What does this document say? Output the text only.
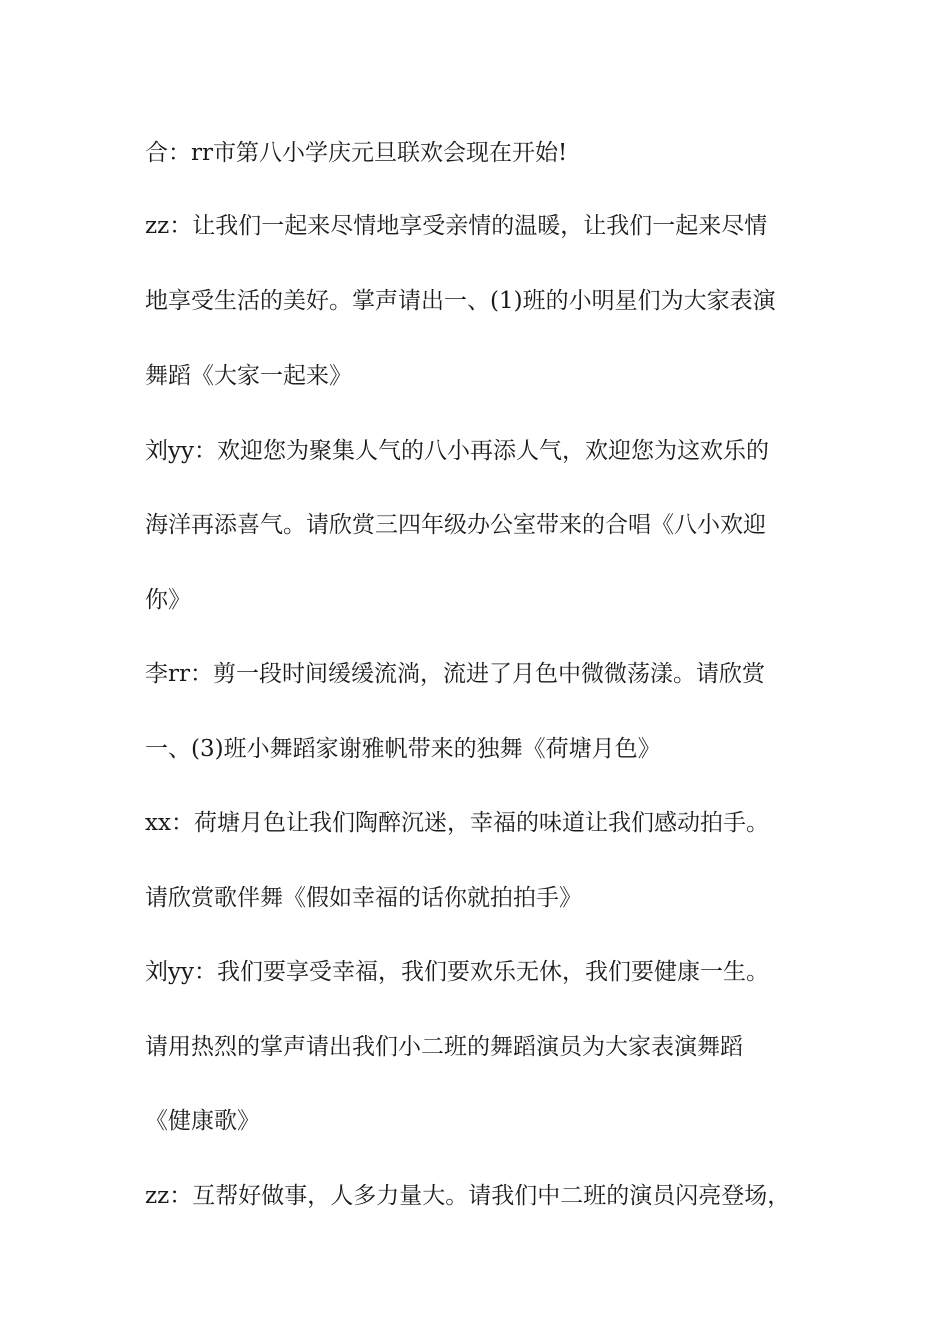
合：rr市第八小学庆元旦联欢会现在开始!
zz：让我们一起来尽情地享受亲情的温暖，让我们一起来尽情
地享受生活的美好。掌声请出一、(1)班的小明星们为大家表演
舞蹈《大家一起来》
刘yy：欢迎您为聚集人气的八小再添人气，欢迎您为这欢乐的
海洋再添喜气。请欣赏三四年级办公室带来的合唱《八小欢迎
你》
李rr：剪一段时间缓缓流淌，流进了月色中微微荡漾。请欣赏
一、(3)班小舞蹈家谢雅帆带来的独舞《荷塘月色》
xx：荷塘月色让我们陶醉沉迷，幸福的味道让我们感动拍手。
请欣赏歌伴舞《假如幸福的话你就拍拍手》
刘yy：我们要享受幸福，我们要欢乐无休，我们要健康一生。
请用热烈的掌声请出我们小二班的舞蹈演员为大家表演舞蹈
《健康歌》
zz：互帮好做事，人多力量大。请我们中二班的演员闪亮登场，
